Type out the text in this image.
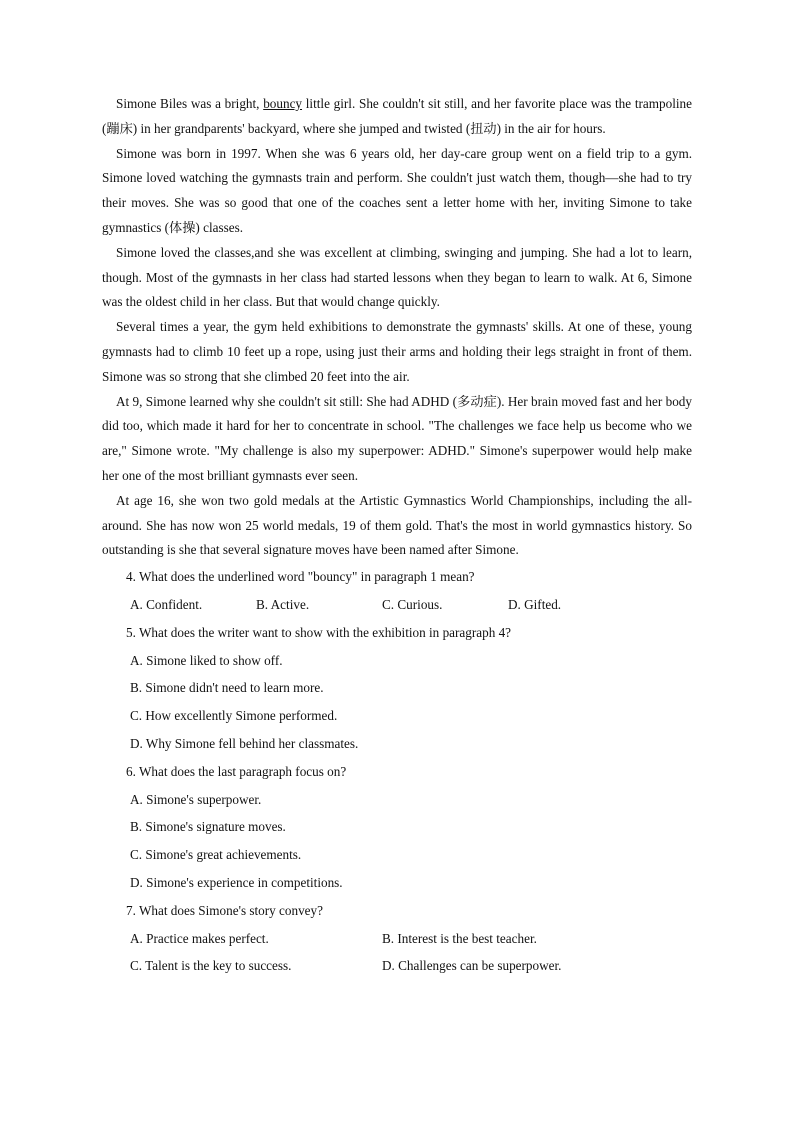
Simone Biles was a bright, bouncy little girl. She couldn't sit still, and her favorite place was the trampoline (蹦床) in her grandparents' backyard, where she jumped and twisted (扭动) in the air for hours.

Simone was born in 1997. When she was 6 years old, her day-care group went on a field trip to a gym. Simone loved watching the gymnasts train and perform. She couldn't just watch them, though—she had to try their moves. She was so good that one of the coaches sent a letter home with her, inviting Simone to take gymnastics (体操) classes.

Simone loved the classes,and she was excellent at climbing, swinging and jumping. She had a lot to learn, though. Most of the gymnasts in her class had started lessons when they began to learn to walk. At 6, Simone was the oldest child in her class. But that would change quickly.

Several times a year, the gym held exhibitions to demonstrate the gymnasts' skills. At one of these, young gymnasts had to climb 10 feet up a rope, using just their arms and holding their legs straight in front of them. Simone was so strong that she climbed 20 feet into the air.

At 9, Simone learned why she couldn't sit still: She had ADHD (多动症). Her brain moved fast and her body did too, which made it hard for her to concentrate in school. "The challenges we face help us become who we are," Simone wrote. "My challenge is also my superpower: ADHD." Simone's superpower would help make her one of the most brilliant gymnasts ever seen.

At age 16, she won two gold medals at the Artistic Gymnastics World Championships, including the all-around. She has now won 25 world medals, 19 of them gold. That's the most in world gymnastics history. So outstanding is she that several signature moves have been named after Simone.

4. What does the underlined word "bouncy" in paragraph 1 mean?

A. Confident.	B. Active.	C. Curious.	D. Gifted.

5. What does the writer want to show with the exhibition in paragraph 4?

A. Simone liked to show off.

B. Simone didn't need to learn more.

C. How excellently Simone performed.

D. Why Simone fell behind her classmates.

6. What does the last paragraph focus on?

A. Simone's superpower.

B. Simone's signature moves.

C. Simone's great achievements.

D. Simone's experience in competitions.

7. What does Simone's story convey?

A. Practice makes perfect.	B. Interest is the best teacher.
C. Talent is the key to success.	D. Challenges can be superpower.
